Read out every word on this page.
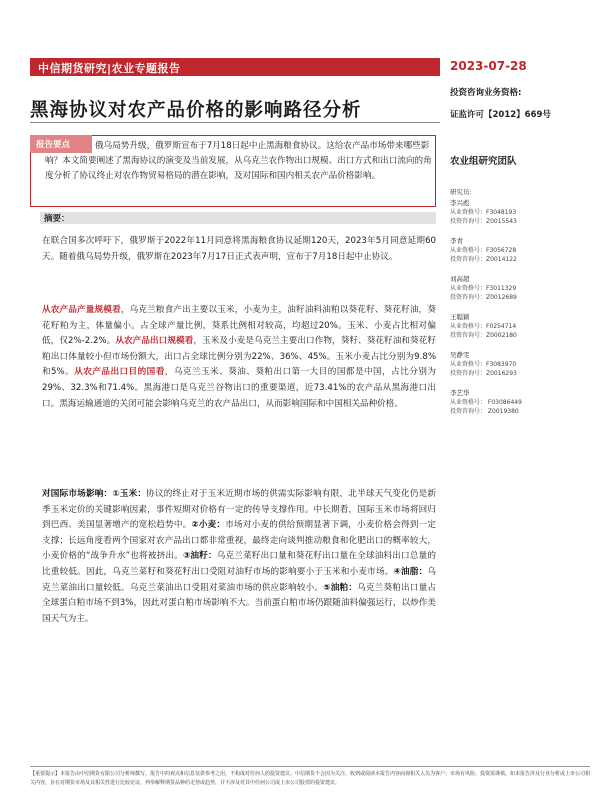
中信期货研究|农业专题报告	2023-07-28
黑海协议对农产品价格的影响路径分析
投资咨询业务资格:
证监许可【2012】669号
农业组研究团队
研究员:
李兴彪
从业资格号：F3048193
投资咨询号：Z0015543
李青
从业资格号：F3056728
投资咨询号：Z0014122
刘高超
从业资格号：F3011329
投资咨询号：Z0012689
王聪颖
从业资格号：F0254714
投资咨询号：Z0002180
吴静雯
从业资格号：F3083970
投资咨询号：Z0016293
李艺华
从业资格号： F03086449
投资咨询号： Z0019380
报告要点	俄乌局势升级，俄罗斯宣布于7月18日起中止黑海粮食协议。这给农产品市场带来哪些影响？本文简要阐述了黑海协议的演变及当前发展，从乌克兰农作物出口规模、出口方式和出口流向的角度分析了协议终止对农作物贸易格局的潜在影响，及对国际和国内相关农产品价格影响。
摘要：
在联合国多次呼吁下，俄罗斯于2022年11月同意将黑海粮食协议延期120天，2023年5月同意延期60天。随着俄乌局势升级，俄罗斯在2023年7月17日正式表声明，宣布于7月18日起中止协议。
从农产品产量规模看，乌克兰粮食产出主要以玉米，小麦为主，油籽油料油粕以葵花籽、葵花籽油，葵花籽粕为主，体量偏小。占全球产量比例，葵系比例相对较高，均超过20%。玉米、小麦占比相对偏低，仅2%-2.2%。从农产品出口规模看，玉米及小麦是乌克兰主要出口作物，葵籽、葵花籽油和葵花籽粕出口体量较小但市场份额大，出口占全球比例分别为22%、36%、45%。玉米小麦占比分别为9.8%和5%。从农产品出口目的国看，乌克兰玉米、葵油、葵粕出口第一大目的国都是中国，占比分别为29%、32.3%和71.4%。黑海港口是乌克兰谷物出口的重要渠道，近73.41%的农产品从黑海港口出口。黑海运输通道的关闭可能会影响乌克兰的农产品出口，从而影响国际和中国相关品种价格。
对国际市场影响：①玉米：协议的终止对于玉米近期市场的供需实际影响有限，北半球天气变化仍是新季玉米定价的关键影响因素，事件短期对价格有一定的传导支撑作用。中长期看，国际玉米市场将回归到巴西、美国显著增产的宽松趋势中。②小麦：市场对小麦的供给预期显著下调，小麦价格会得到一定支撑；长远角度看两个国家对农产品出口都非常重视，最终走向谈判推动粮食和化肥出口的概率较大，小麦价格的“战争升水”也将被挤出。③油籽：乌克兰菜籽出口量和葵花籽出口量在全球油料出口总量的比重较低。因此，乌克兰菜籽和葵花籽出口受阻对油籽市场的影响要小于玉米和小麦市场。④油脂：乌克兰菜油出口量较低。乌克兰菜油出口受阻对菜油市场的供应影响较小。⑤油粕：乌克兰葵粕出口量占全球蛋白粕市场不到3%，因此对蛋白粕市场影响不大。当前蛋白粕市场仍跟随油料偏强运行，以炒作美国天气为主。
【重要提示】本报告由中信期货有限公司分析师撰写。报告中的观点和信息仅供参考之用，不构成对任何人的投资建议。中信期货不会因为关注、收到或阅读本报告内容而视相关人员为客户；市场有风险，投资需谨慎。如本报告涉及行业分析或上市公司相关内容，旨在对期货市场及其相关性进行比较论证，列举解释期货品种的走势或趋势，并不涉及对其中任何公司或上市公司股票的投资建议。
